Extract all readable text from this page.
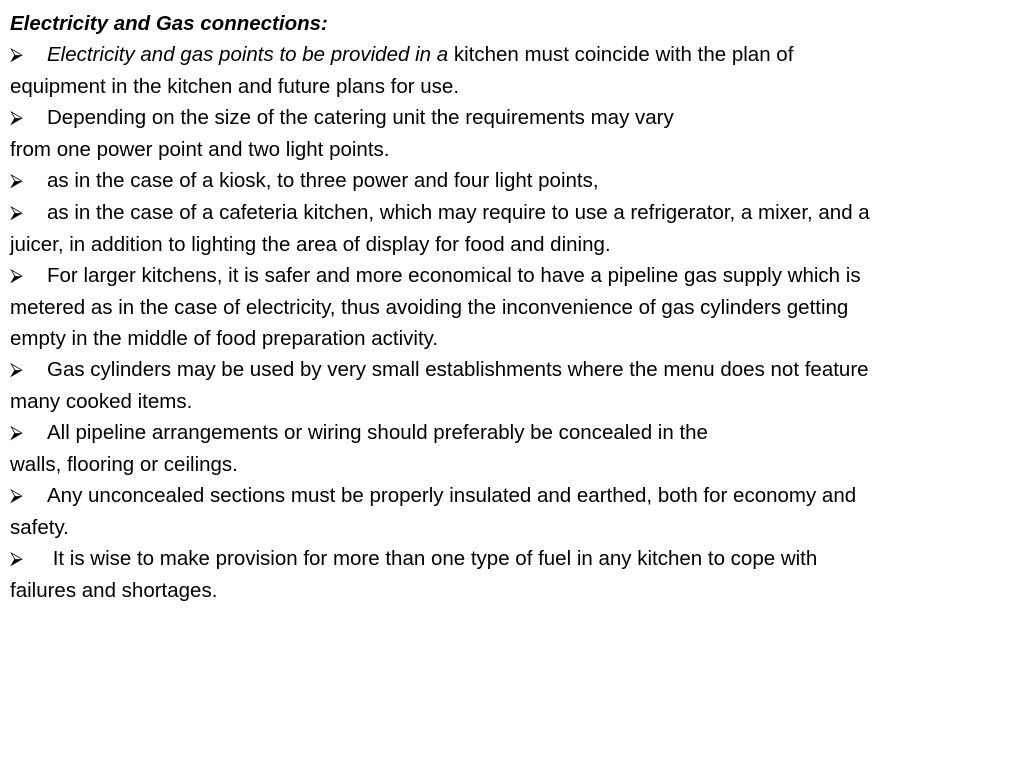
Electricity and Gas connections:
⮚ Electricity and gas points to be provided in a kitchen must coincide with the plan of
equipment in the kitchen and future plans for use.
⮚ Depending on the size of the catering unit the requirements may vary
from one power point and two light points.
⮚ as in the case of a kiosk, to three power and four light points,
⮚ as in the case of a cafeteria kitchen, which may require to use a refrigerator, a mixer, and a
juicer, in addition to lighting the area of display for food and dining.
⮚ For larger kitchens, it is safer and more economical to have a pipeline gas supply which is
metered as in the case of electricity, thus avoiding the inconvenience of gas cylinders getting
empty in the middle of food preparation activity.
⮚ Gas cylinders may be used by very small establishments where the menu does not feature
many cooked items.
⮚ All pipeline arrangements or wiring should preferably be concealed in the
walls, flooring or ceilings.
⮚ Any unconcealed sections must be properly insulated and earthed, both for economy and
safety.
⮚ It is wise to make provision for more than one type of fuel in any kitchen to cope with
failures and shortages.
